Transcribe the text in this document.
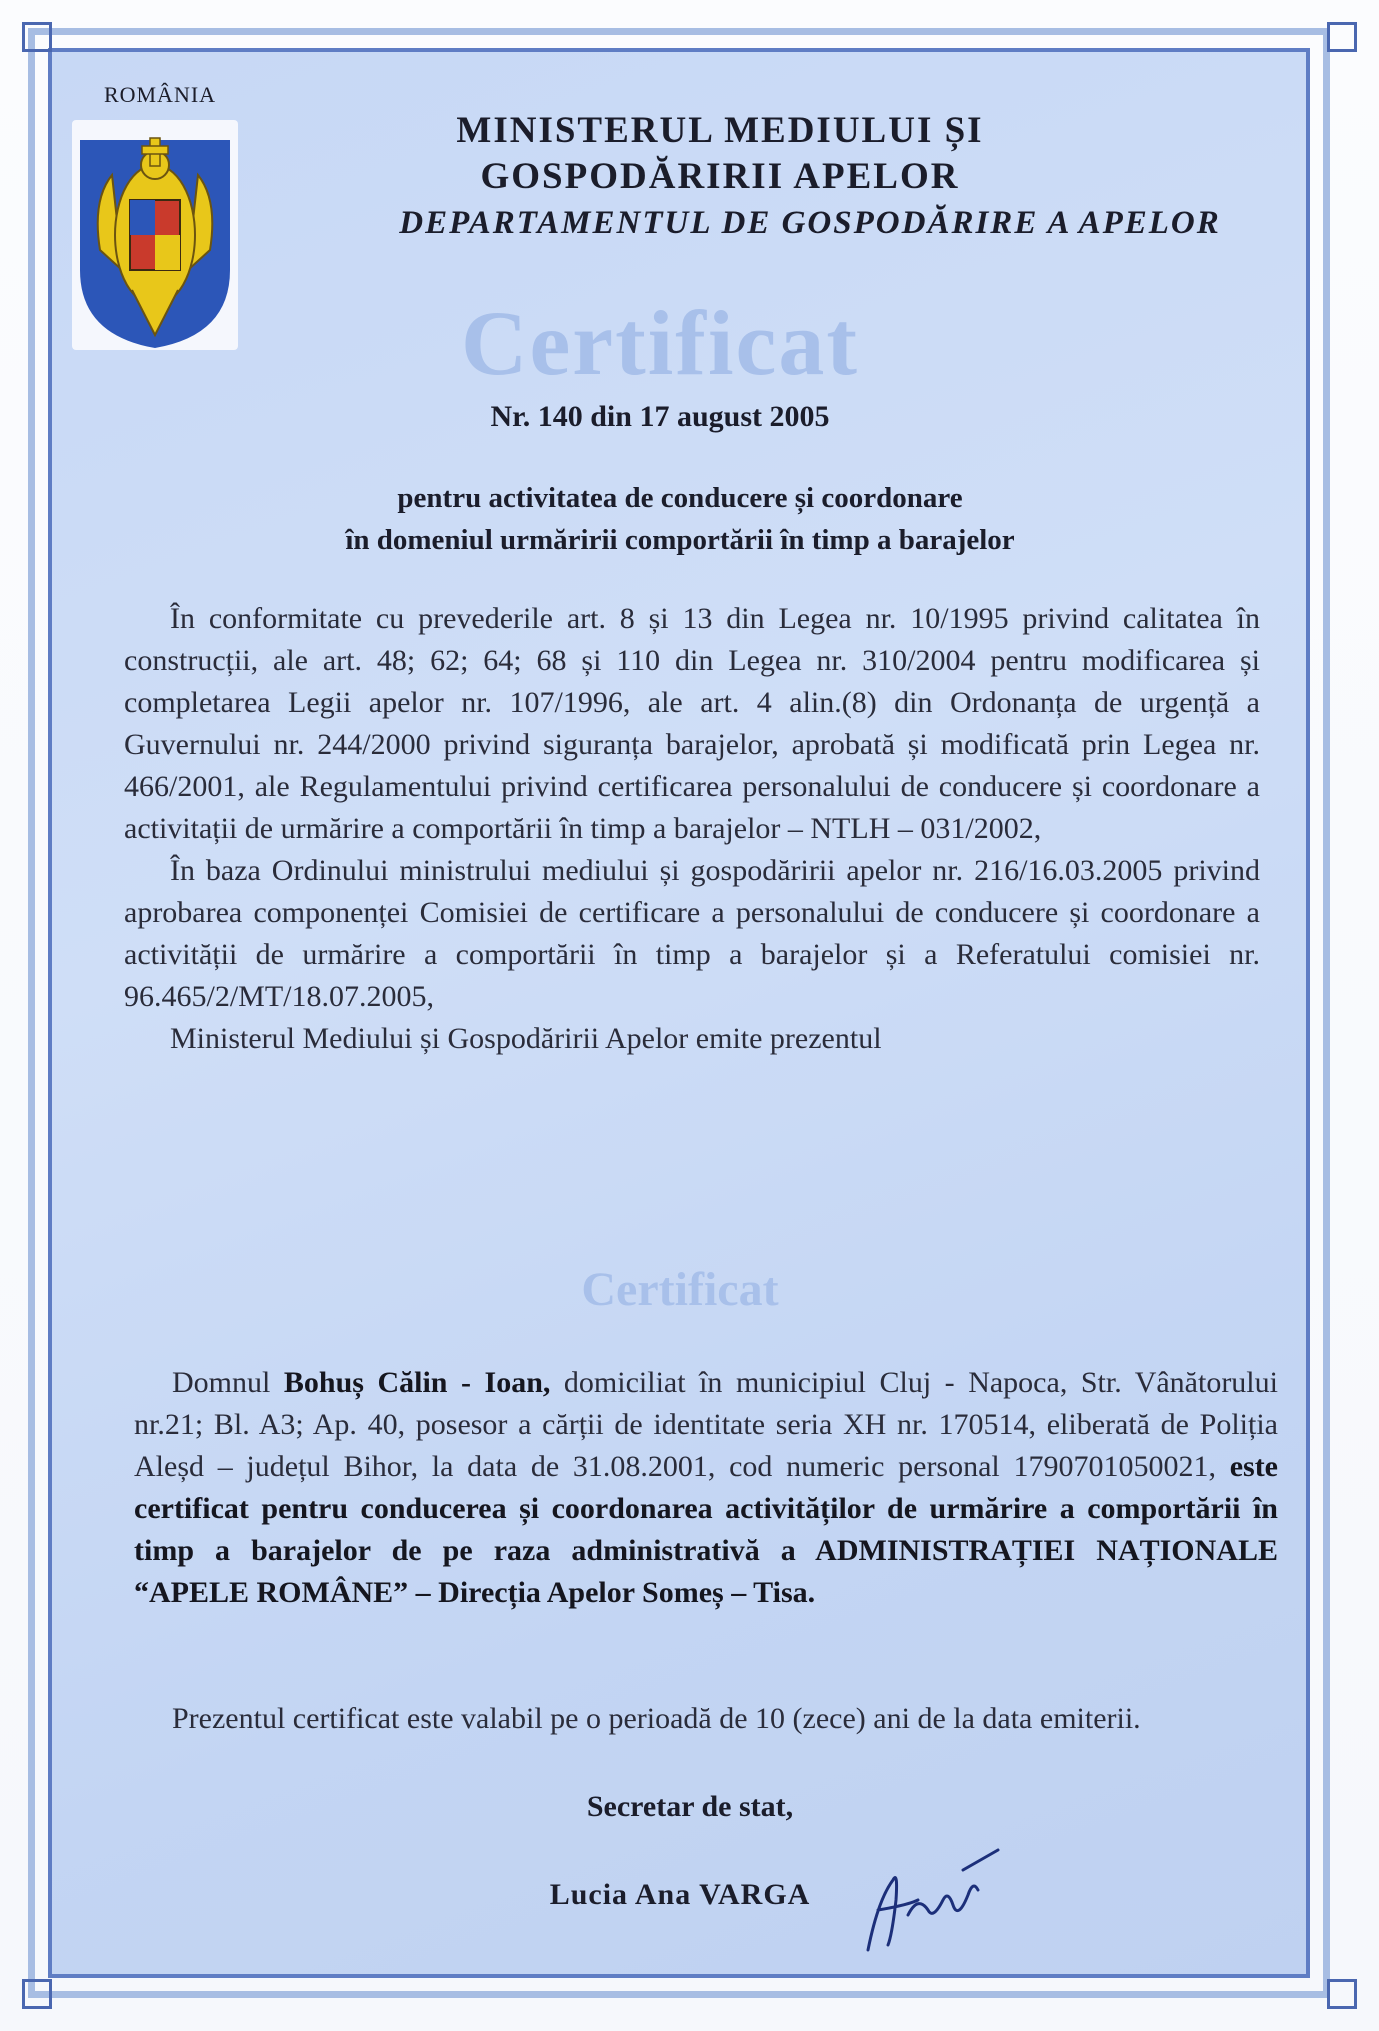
ROMÂNIA
MINISTERUL MEDIULUI ȘI
GOSPODĂRIRII APELOR
DEPARTAMENTUL DE GOSPODĂRIRE A APELOR
Certificat
Nr. 140 din 17 august 2005
pentru activitatea de conducere și coordonare
în domeniul urmăririi comportării în timp a barajelor

În conformitate cu prevederile art. 8 și 13 din Legea nr. 10/1995 privind calitatea în construcții, ale art. 48; 62; 64; 68 și 110 din Legea nr. 310/2004 pentru modificarea și completarea Legii apelor nr. 107/1996, ale art. 4 alin.(8) din Ordonanța de urgență a Guvernului nr. 244/2000 privind siguranța barajelor, aprobată și modificată prin Legea nr. 466/2001, ale Regulamentului privind certificarea personalului de conducere și coordonare a activitații de urmărire a comportării în timp a barajelor – NTLH – 031/2002,

În baza Ordinului ministrului mediului și gospodăririi apelor nr. 216/16.03.2005 privind aprobarea componenței Comisiei de certificare a personalului de conducere și coordonare a activității de urmărire a comportării în timp a barajelor și a Referatului comisiei nr. 96.465/2/MT/18.07.2005,

Ministerul Mediului și Gospodăririi Apelor emite prezentul

Certificat

Domnul Bohuș Călin - Ioan, domiciliat în municipiul Cluj - Napoca, Str. Vânătorului nr.21; Bl. A3; Ap. 40, posesor a cărții de identitate seria XH nr. 170514, eliberată de Poliția Aleșd – județul Bihor, la data de 31.08.2001, cod numeric personal 1790701050021, este certificat pentru conducerea și coordonarea activităților de urmărire a comportării în timp a barajelor de pe raza administrativă a ADMINISTRAȚIEI NAȚIONALE “APELE ROMÂNE” – Direcția Apelor Someș – Tisa.

Prezentul certificat este valabil pe o perioadă de 10 (zece) ani de la data emiterii.

Secretar de stat,
Lucia Ana VARGA
